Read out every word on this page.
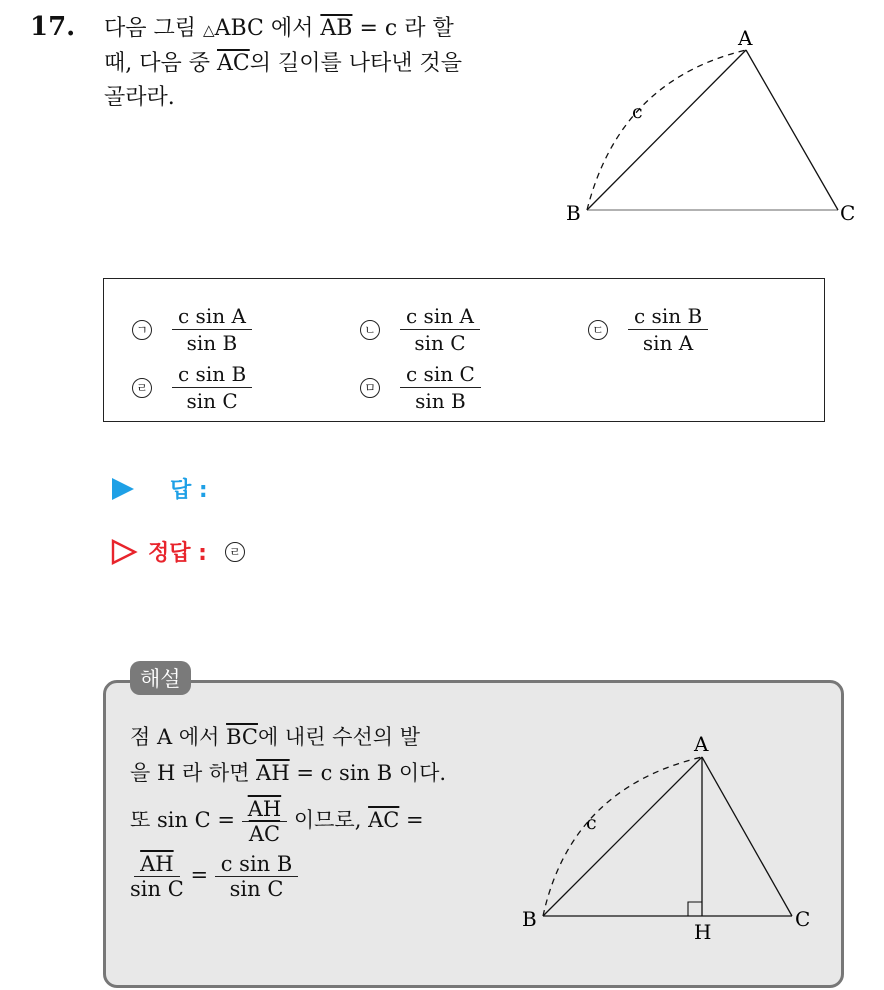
17. 다음 그림 △ABC 에서 $\overline{AB} = c$ 라 할
때, 다음 중 $\overline{AC}$의 길이를 나타낸 것을
골라라.
A
B	C
c
ㄱ $\frac{\text{c sin A}}{\text{sin B}}$	ㄴ $\frac{\text{c sin A}}{\text{sin C}}$	ㄷ $\frac{\text{c sin B}}{\text{sin A}}$
ㄹ $\frac{\text{c sin B}}{\text{sin C}}$	ㅁ $\frac{\text{c sin C}}{\text{sin B}}$
답 :
정답 :	ㄹ
점 A 에서 $\overline{BC}$에 내린 수선의 발
을 H 라 하면 $\overline{AH} = c$ sin B 이다.
또 $\sin C = \frac{\overline{AH}}{AC}$ 이므로, $\overline{AC}$ =
$\frac{\overline{AH}}{\text{sin C}} = \frac{\text{c sin B}}{\text{sin C}}$
A
B	C
H
c
해설
